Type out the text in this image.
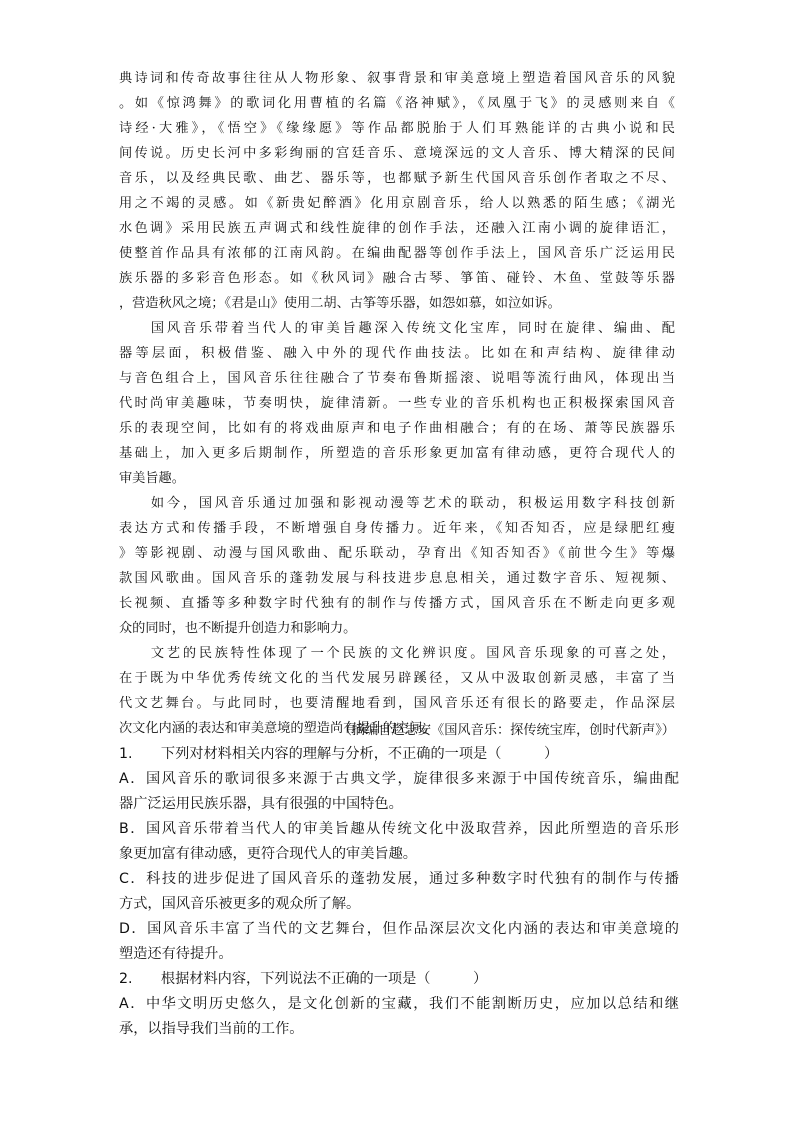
典诗词和传奇故事往往从人物形象、叙事背景和审美意境上塑造着国风音乐的风貌
。如《惊鸿舞》的歌词化用曹植的名篇《洛神赋》，《凤凰于飞》的灵感则来自《
诗经·大雅》，《悟空》《缘缘愿》等作品都脱胎于人们耳熟能详的古典小说和民
间传说。历史长河中多彩绚丽的宫廷音乐、意境深远的文人音乐、博大精深的民间
音乐，以及经典民歌、曲艺、器乐等，也都赋予新生代国风音乐创作者取之不尽、
用之不竭的灵感。如《新贵妃醉酒》化用京剧音乐，给人以熟悉的陌生感；《湖光
水色调》采用民族五声调式和线性旋律的创作手法，还融入江南小调的旋律语汇，
使整首作品具有浓郁的江南风韵。在编曲配器等创作手法上，国风音乐广泛运用民
族乐器的多彩音色形态。如《秋风词》融合古琴、箏笛、碰铃、木鱼、堂鼓等乐器
，营造秋风之境；《君是山》使用二胡、古筝等乐器，如怨如慕，如泣如诉。
　　国风音乐带着当代人的审美旨趣深入传统文化宝库，同时在旋律、编曲、配
器等层面，积极借鉴、融入中外的现代作曲技法。比如在和声结构、旋律律动
与音色组合上，国风音乐往往融合了节奏布鲁斯摇滚、说唱等流行曲风，体现出当
代时尚审美趣味，节奏明快，旋律清新。一些专业的音乐机构也正积极探索国风音
乐的表现空间，比如有的将戏曲原声和电子作曲相融合；有的在场、萧等民族器乐
基础上，加入更多后期制作，所塑造的音乐形象更加富有律动感，更符合现代人的
审美旨趣。
　　如今，国风音乐通过加强和影视动漫等艺术的联动，积极运用数字科技创新
表达方式和传播手段，不断增强自身传播力。近年来，《知否知否，应是绿肥红瘦
》等影视剧、动漫与国风歌曲、配乐联动，孕育出《知否知否》《前世今生》等爆
款国风歌曲。国风音乐的蓬勃发展与科技进步息息相关，通过数字音乐、短视频、
长视频、直播等多种数字时代独有的制作与传播方式，国风音乐在不断走向更多观
众的同时，也不断提升创造力和影响力。
　　文艺的民族特性体现了一个民族的文化辨识度。国风音乐现象的可喜之处，
在于既为中华优秀传统文化的当代发展另辟蹊径，又从中汲取创新灵感，丰富了当
代文艺舞台。与此同时，也要清醒地看到，国风音乐还有很长的路要走，作品深层
次文化内涵的表达和审美意境的塑造尚有提升的空间。
（摘编自赵志安《国风音乐：探传统宝库，创时代新声》）
1.　　下列对材料相关内容的理解与分析，不正确的一项是（　　　）
A．国风音乐的歌词很多来源于古典文学，旋律很多来源于中国传统音乐，编曲配
器广泛运用民族乐器，具有很强的中国特色。
B．国风音乐带着当代人的审美旨趣从传统文化中汲取营养，因此所塑造的音乐形
象更加富有律动感，更符合现代人的审美旨趣。
C．科技的进步促进了国风音乐的蓬勃发展，通过多种数字时代独有的制作与传播
方式，国风音乐被更多的观众所了解。
D．国风音乐丰富了当代的文艺舞台，但作品深层次文化内涵的表达和审美意境的
塑造还有待提升。
2.　　根据材料内容，下列说法不正确的一项是（　　　）
A．中华文明历史悠久，是文化创新的宝藏，我们不能割断历史，应加以总结和继
承，以指导我们当前的工作。
